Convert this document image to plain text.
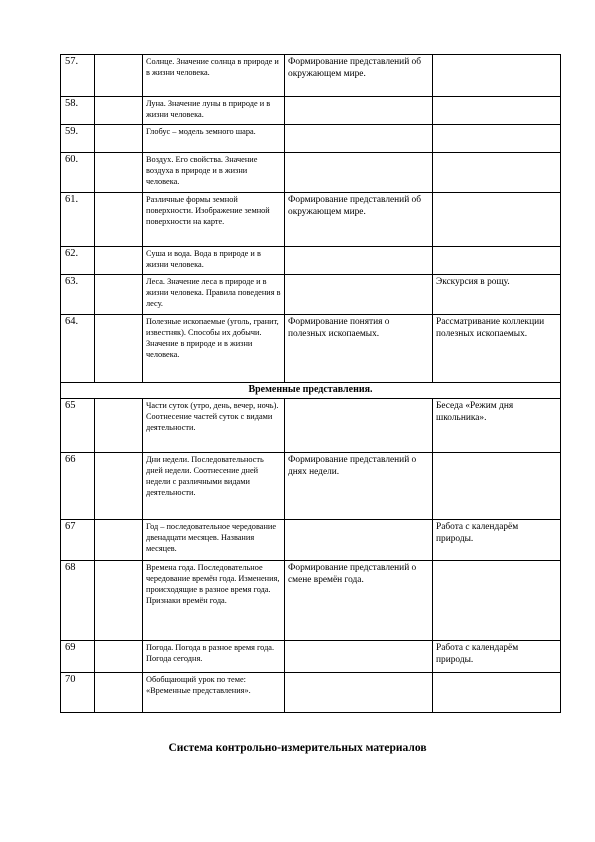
57.		Солнце. Значение солнца в природе и в жизни человека.	Формирование представлений об окружающем мире.	
58.		Луна. Значение луны в природе и в жизни человека.		
59.		Глобус – модель земного шара.		
60.		Воздух. Его свойства. Значение воздуха в природе и в жизни человека.		
61.		Различные формы земной поверхности. Изображение земной поверхности на карте.	Формирование представлений об окружающем мире.	
62.		Суша и вода. Вода в природе и в жизни человека.		
63.		Леса. Значение леса в природе и в жизни человека. Правила поведения в лесу.		Экскурсия в рощу.
64.		Полезные ископаемые (уголь, гранит, известняк). Способы их добычи. Значение в природе и в жизни человека.	Формирование понятия о полезных ископаемых.	Рассматривание коллекции полезных ископаемых.
Временные представления.				
65		Части суток (утро, день, вечер, ночь). Соотнесение частей суток с видами деятельности.		Беседа «Режим дня школьника».
66		Дни недели. Последовательность дней недели. Соотнесение дней недели с различными видами деятельности.	Формирование представлений о днях недели.	
67		Год – последовательное чередование двенадцати месяцев. Названия месяцев.		Работа с календарём природы.
68		Времена года. Последовательное чередование времён года. Изменения, происходящие в разное время года. Признаки времён года.	Формирование представлений о смене времён года.	
69		Погода. Погода в разное время года. Погода сегодня.		Работа с календарём природы.
70		Обобщающий урок по теме: «Временные представления».		
Система контрольно-измерительных материалов
